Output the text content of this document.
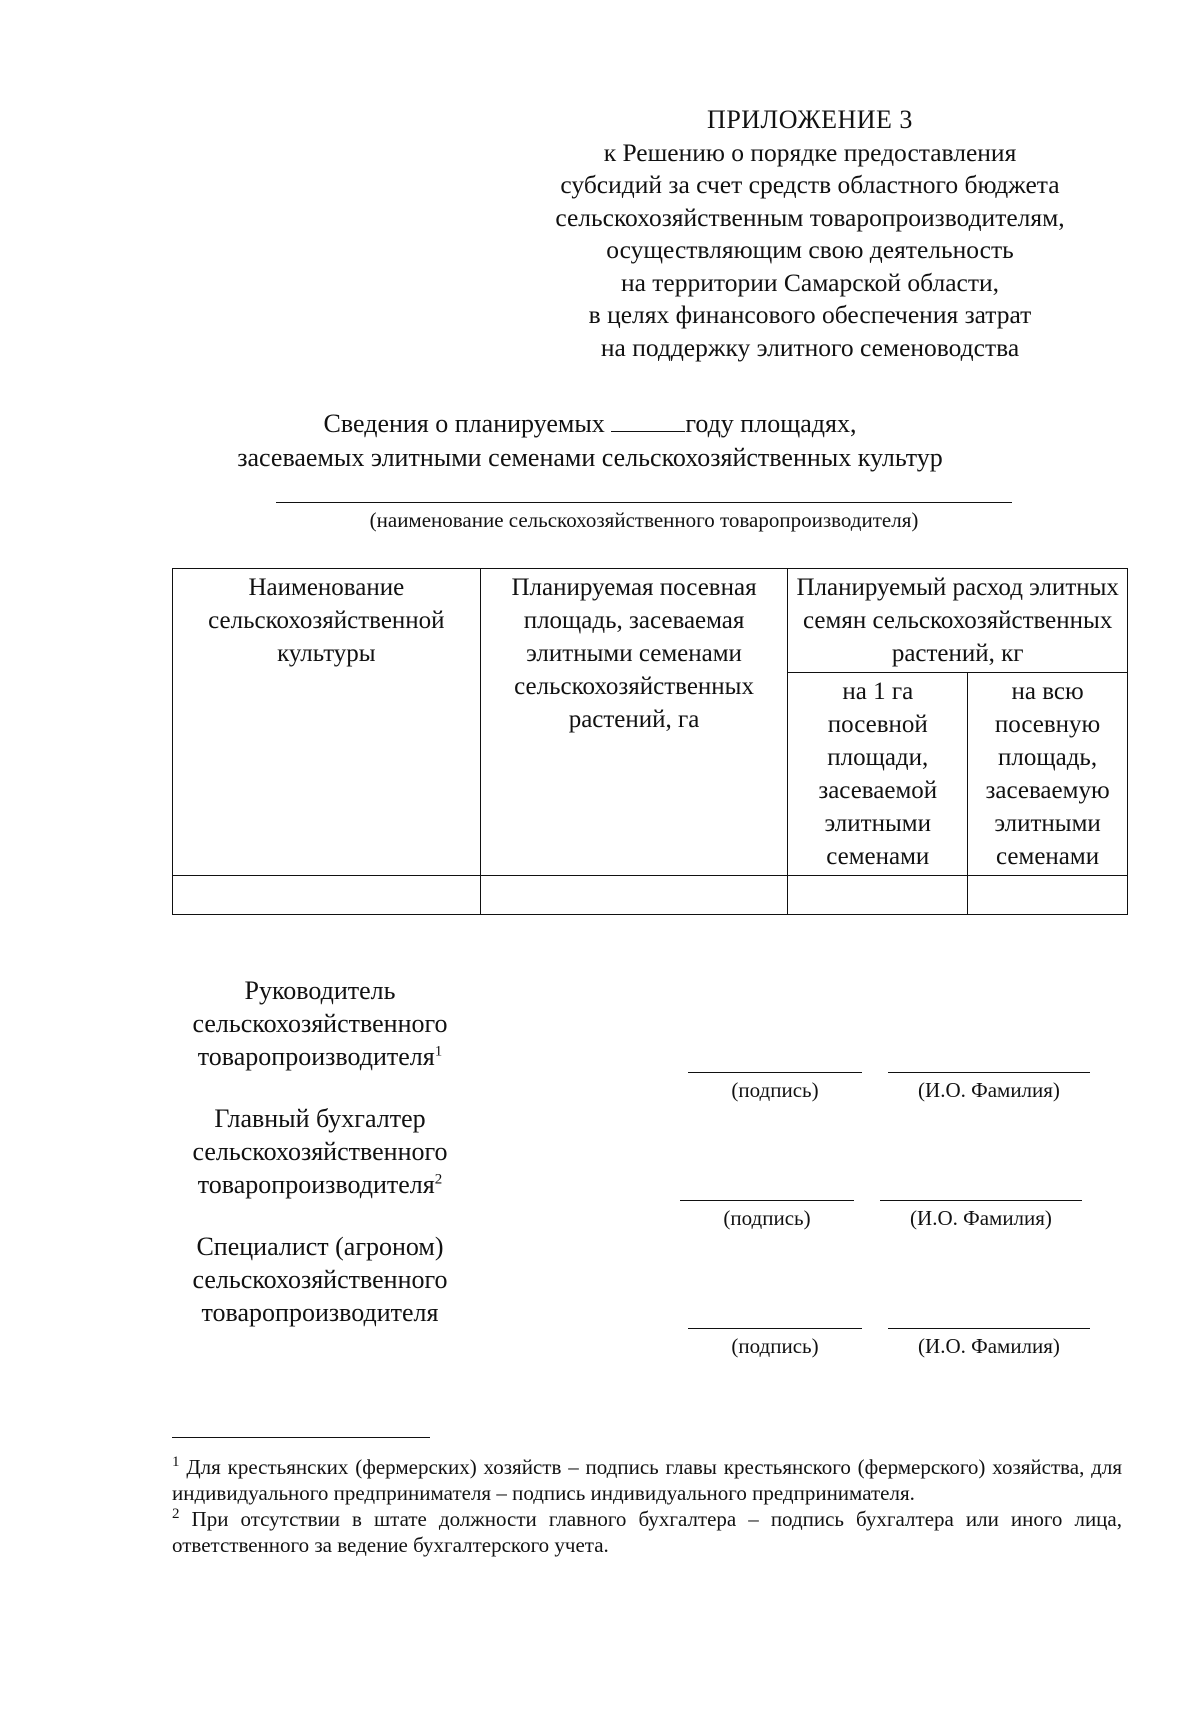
ПРИЛОЖЕНИЕ 3
к Решению о порядке предоставления
субсидий за счет средств областного бюджета
сельскохозяйственным товаропроизводителям,
осуществляющим свою деятельность
на территории Самарской области,
в целях финансового обеспечения затрат
на поддержку элитного семеноводства
Сведения о планируемых	году площадях,
засеваемых элитными семенами сельскохозяйственных культур
(наименование сельскохозяйственного товаропроизводителя)
Наименование сельскохозяйственной культуры	Планируемая посевная площадь, засеваемая элитными семенами сельскохозяйственных растений, га	Планируемый расход элитных семян сельскохозяйственных растений, кг	
		на 1 га посевной площади, засеваемой элитными семенами	на всю посевную площадь, засеваемую элитными семенами

Руководитель
сельскохозяйственного
товаропроизводителя$^1$
(подпись)	(И.О. Фамилия)
Главный бухгалтер
сельскохозяйственного
товаропроизводителя$^2$
(подпись)	(И.О. Фамилия)
Специалист (агроном)
сельскохозяйственного
товаропроизводителя
(подпись)	(И.О. Фамилия)

$^1$ Для крестьянских (фермерских) хозяйств – подпись главы крестьянского (фермерского) хозяйства, для индивидуального предпринимателя – подпись индивидуального предпринимателя.

$^2$ При отсутствии в штате должности главного бухгалтера – подпись бухгалтера или иного лица, ответственного за ведение бухгалтерского учета.
